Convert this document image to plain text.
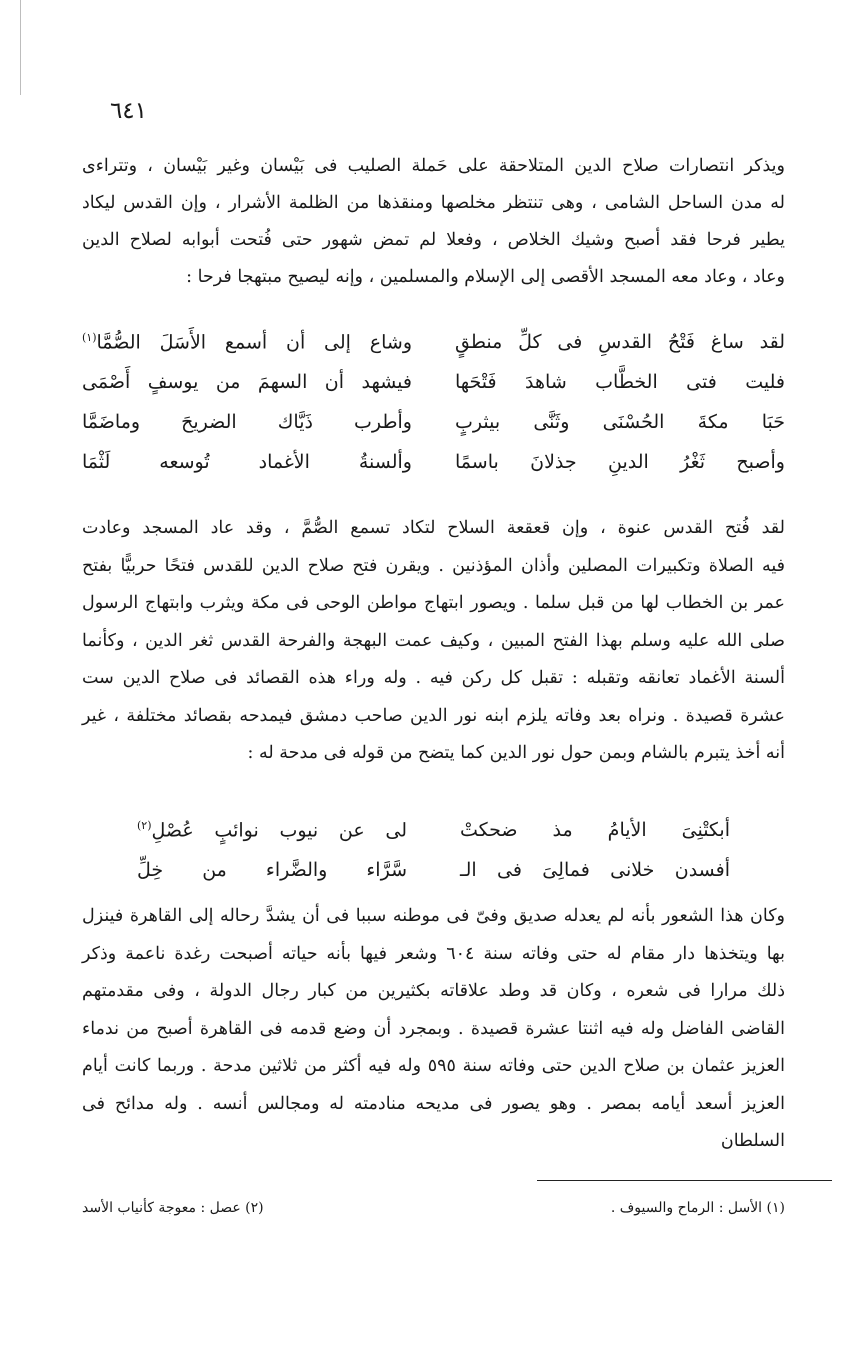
٦٤١

ويذكر انتصارات صلاح الدين المتلاحقة على حَملة الصليب فى بَيْسان وغير بَيْسان ، وتتراءى

له مدن الساحل الشامى ، وهى تنتظر مخلصها ومنقذها من الظلمة الأشرار ، وإن القدس ليكاد

يطير فرحا فقد أصبح وشيك الخلاص ، وفعلا لم تمض شهور حتى فُتحت أبوابه لصلاح الدين

وعاد ، وعاد معه المسجد الأقصى إلى الإسلام والمسلمين ، وإنه ليصيح مبتهجا فرحا :

لقد ساغ فَتْحُ القدسِ فى كلِّ منطقٍ
وشاع إلى أن أسمع الأَسَلَ الصُّمَّا$^{(١)}$
فليت فتى الخطَّاب شاهدَ فَتْحَها
فيشهد أن السهمَ من يوسفٍ أَصْمَى
حَبَا مكةَ الحُسْنَى وثَنَّى بيثربٍ
وأطرب ذَيَّاك الضريحَ وماضَمَّا
وأصبح ثَغْرُ الدينِ جذلانَ باسمًا
وألسنةُ الأغماد تُوسعه لَثْمَا

لقد فُتح القدس عنوة ، وإن قعقعة السلاح لتكاد تسمع الصُّمَّ ، وقد عاد المسجد وعادت

فيه الصلاة وتكبيرات المصلين وأذان المؤذنين . ويقرن فتح صلاح الدين للقدس فتحًا حربيًّا بفتح

عمر بن الخطاب لها من قبل سلما . ويصور ابتهاج مواطن الوحى فى مكة ويثرب وابتهاج الرسول

صلى الله عليه وسلم بهذا الفتح المبين ، وكيف عمت البهجة والفرحة القدس ثغر الدين ، وكأنما

ألسنة الأغماد تعانقه وتقبله : تقبل كل ركن فيه . وله وراء هذه القصائد فى صلاح الدين ست

عشرة قصيدة . ونراه بعد وفاته يلزم ابنه نور الدين صاحب دمشق فيمدحه بقصائد مختلفة ، غير

أنه أخذ يتبرم بالشام وبمن حول نور الدين كما يتضح من قوله فى مدحة له :

أبكتْنِىَ الأيامُ مذ ضحكتْ
لى عن نيوب نوائبٍ عُصْلِ$^{(٢)}$
أفسدن خلانى فمالِىَ فى الـ
سَّرَّاء والضَّراء من خِلِّ

وكان هذا الشعور بأنه لم يعدله صديق وفىّ فى موطنه سببا فى أن يشدَّ رحاله إلى القاهرة فينزل

بها ويتخذها دار مقام له حتى وفاته سنة ٦٠٤ وشعر فيها بأنه حياته أصبحت رغدة ناعمة وذكر

ذلك مرارا فى شعره ، وكان قد وطد علاقاته بكثيرين من كبار رجال الدولة ، وفى مقدمتهم

القاضى الفاضل وله فيه اثنتا عشرة قصيدة . وبمجرد أن وضع قدمه فى القاهرة أصبح من ندماء

العزيز عثمان بن صلاح الدين حتى وفاته سنة ٥٩٥ وله فيه أكثر من ثلاثين مدحة . وربما كانت أيام

العزيز أسعد أيامه بمصر . وهو يصور فى مديحه منادمته له ومجالس أنسه . وله مدائح فى السلطان

(١) الأسل : الرماح والسيوف .
(٢) عصل : معوجة كأنياب الأسد
